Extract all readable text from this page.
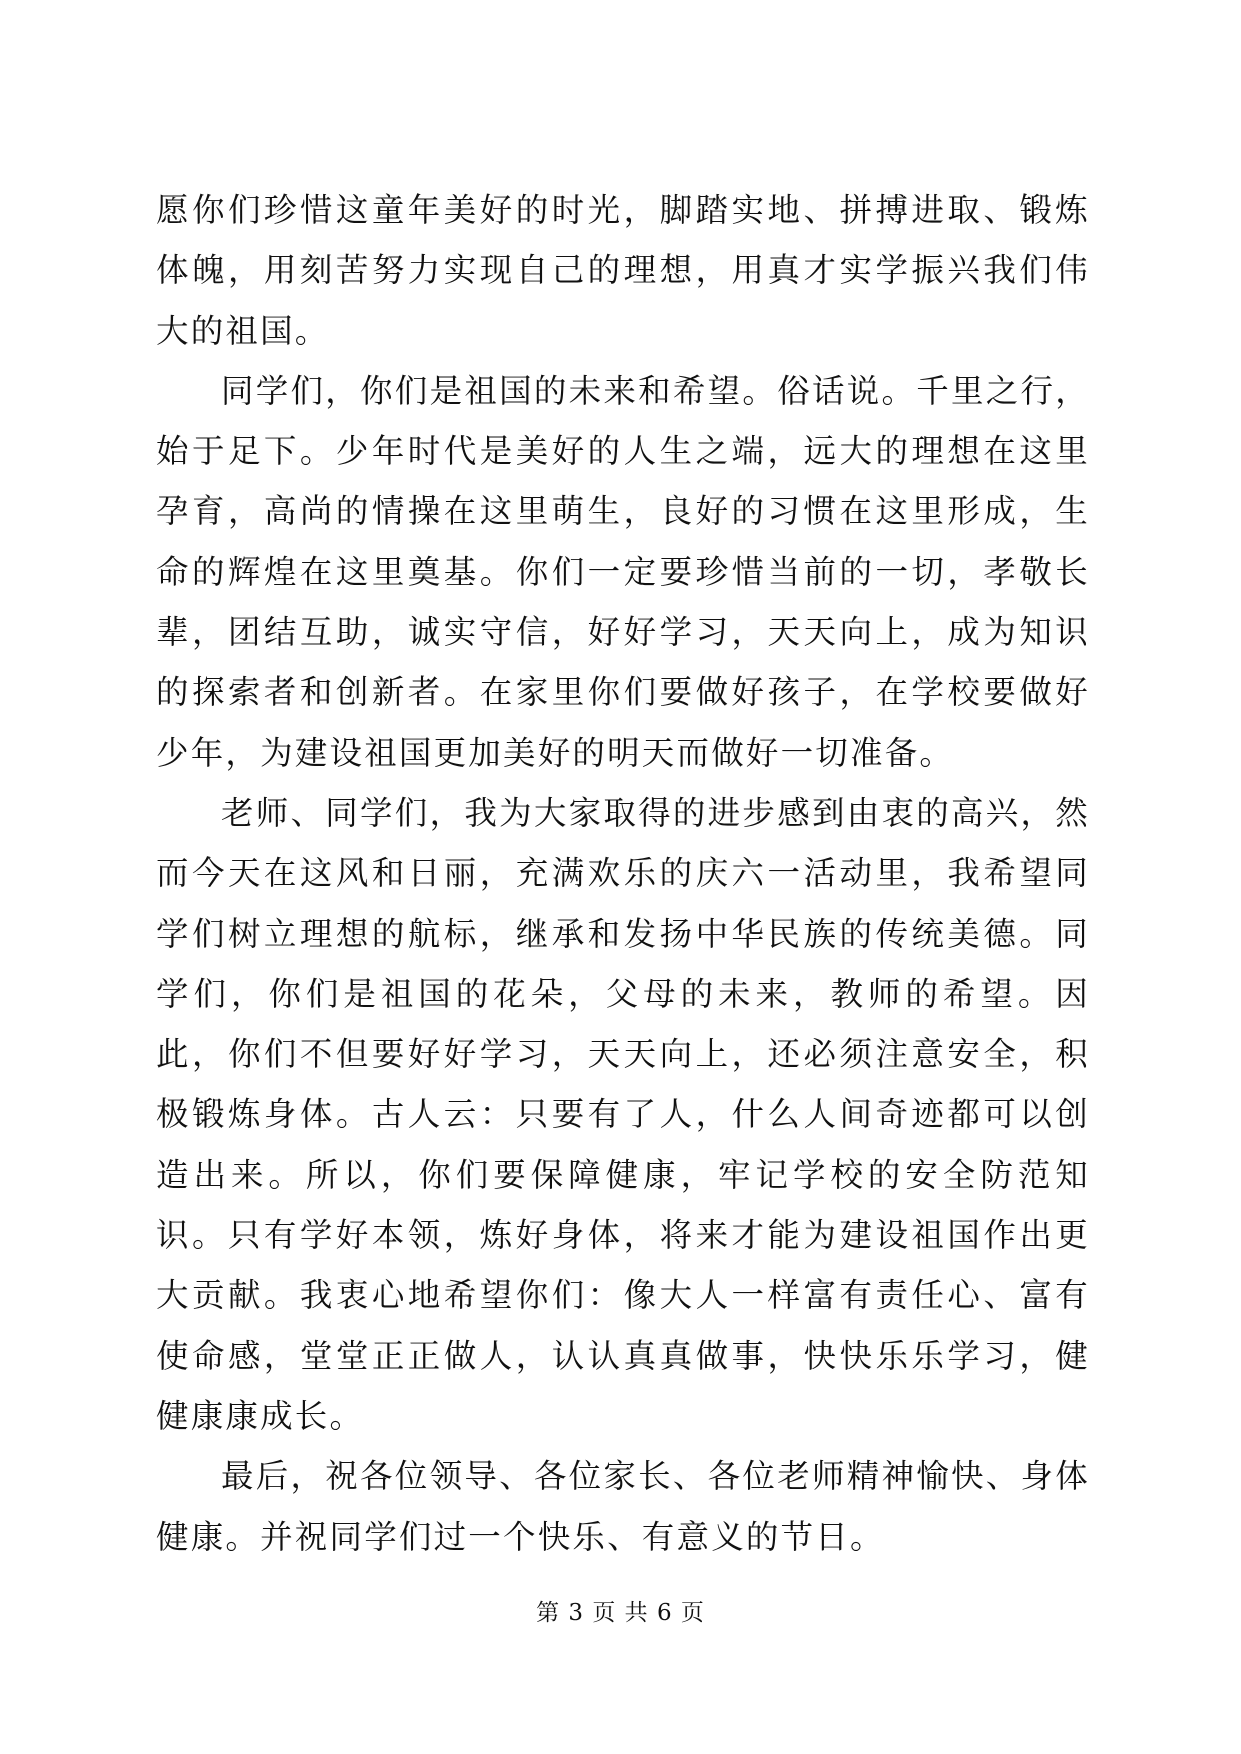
愿你们珍惜这童年美好的时光，脚踏实地、拼搏进取、锻炼体魄，用刻苦努力实现自己的理想，用真才实学振兴我们伟大的祖国。

同学们，你们是祖国的未来和希望。俗话说。千里之行，始于足下。少年时代是美好的人生之端，远大的理想在这里孕育，高尚的情操在这里萌生，良好的习惯在这里形成，生命的辉煌在这里奠基。你们一定要珍惜当前的一切，孝敬长辈，团结互助，诚实守信，好好学习，天天向上，成为知识的探索者和创新者。在家里你们要做好孩子，在学校要做好少年，为建设祖国更加美好的明天而做好一切准备。

老师、同学们，我为大家取得的进步感到由衷的高兴，然而今天在这风和日丽，充满欢乐的庆六一活动里，我希望同学们树立理想的航标，继承和发扬中华民族的传统美德。同学们，你们是祖国的花朵，父母的未来，教师的希望。因此，你们不但要好好学习，天天向上，还必须注意安全，积极锻炼身体。古人云：只要有了人，什么人间奇迹都可以创造出来。所以，你们要保障健康，牢记学校的安全防范知识。只有学好本领，炼好身体，将来才能为建设祖国作出更大贡献。我衷心地希望你们：像大人一样富有责任心、富有使命感，堂堂正正做人，认认真真做事，快快乐乐学习，健健康康成长。

最后，祝各位领导、各位家长、各位老师精神愉快、身体健康。并祝同学们过一个快乐、有意义的节日。

第 3 页 共 6 页
